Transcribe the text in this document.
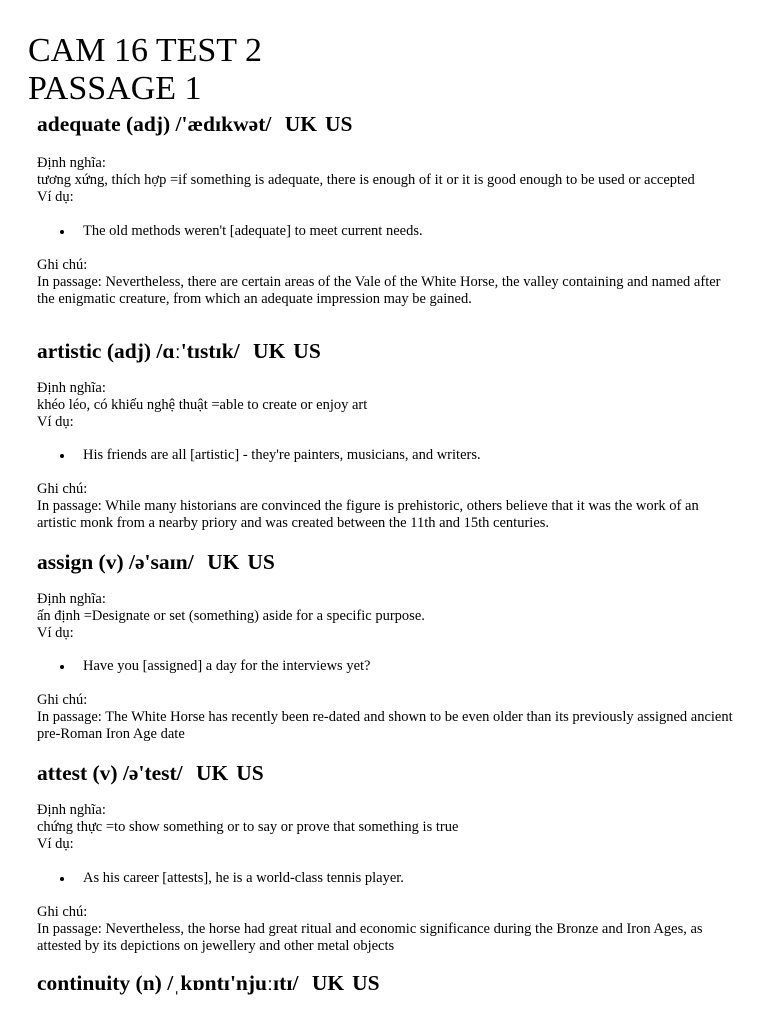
CAM 16 TEST 2
PASSAGE 1
adequate (adj) /'ædɪkwət/ UK US
Định nghĩa:
tương xứng, thích hợp =if something is adequate, there is enough of it or it is good enough to be used or accepted
Ví dụ:
The old methods weren't [adequate] to meet current needs.
Ghi chú:
In passage: Nevertheless, there are certain areas of the Vale of the White Horse, the valley containing and named after the enigmatic creature, from which an adequate impression may be gained.
artistic (adj) /ɑː'tɪstɪk/ UK US
Định nghĩa:
khéo léo, có khiếu nghệ thuật =able to create or enjoy art
Ví dụ:
His friends are all [artistic] - they're painters, musicians, and writers.
Ghi chú:
In passage: While many historians are convinced the figure is prehistoric, others believe that it was the work of an artistic monk from a nearby priory and was created between the 11th and 15th centuries.
assign (v) /ə'saɪn/ UK US
Định nghĩa:
ấn định =Designate or set (something) aside for a specific purpose.
Ví dụ:
Have you [assigned] a day for the interviews yet?
Ghi chú:
In passage: The White Horse has recently been re-dated and shown to be even older than its previously assigned ancient pre-Roman Iron Age date
attest (v) /ə'test/ UK US
Định nghĩa:
chứng thực =to show something or to say or prove that something is true
Ví dụ:
As his career [attests], he is a world-class tennis player.
Ghi chú:
In passage: Nevertheless, the horse had great ritual and economic significance during the Bronze and Iron Ages, as attested by its depictions on jewellery and other metal objects
continuity (n) /ˌkɒntɪ'njuːɪtɪ/ UK US
